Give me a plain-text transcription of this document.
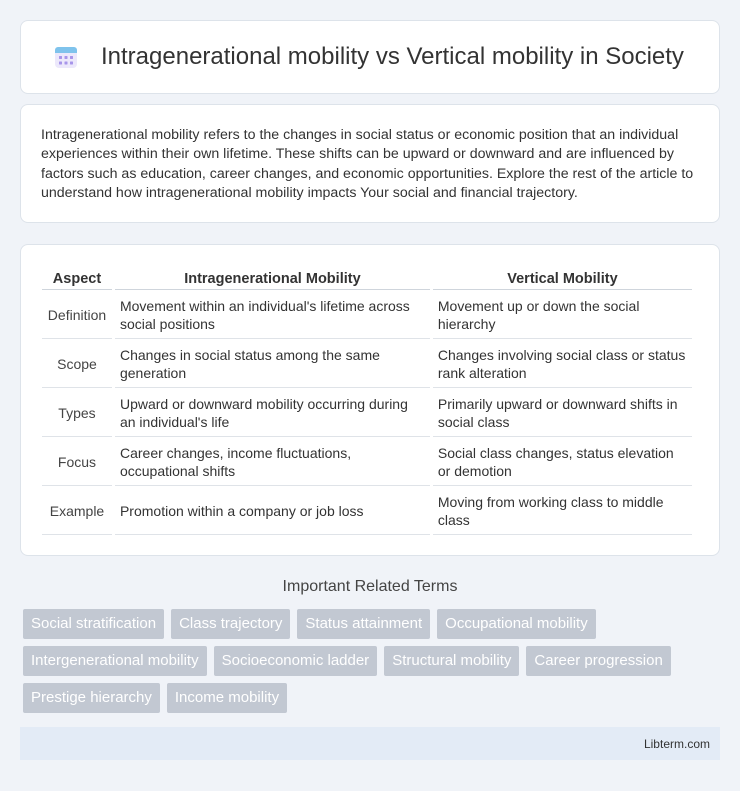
Intragenerational mobility vs Vertical mobility in Society

Intragenerational mobility refers to the changes in social status or economic position that an individual experiences within their own lifetime. These shifts can be upward or downward and are influenced by factors such as education, career changes, and economic opportunities. Explore the rest of the article to understand how intragenerational mobility impacts Your social and financial trajectory.

Aspect	Intragenerational Mobility	Vertical Mobility
Definition	Movement within an individual's lifetime across social positions	Movement up or down the social hierarchy
Scope	Changes in social status among the same generation	Changes involving social class or status rank alteration
Types	Upward or downward mobility occurring during an individual's life	Primarily upward or downward shifts in social class
Focus	Career changes, income fluctuations, occupational shifts	Social class changes, status elevation or demotion
Example	Promotion within a company or job loss	Moving from working class to middle class
Important Related Terms
Social stratification	Class trajectory	Status attainment	Occupational mobility
Intergenerational mobility	Socioeconomic ladder	Structural mobility	Career progression
Prestige hierarchy	Income mobility
Libterm.com
